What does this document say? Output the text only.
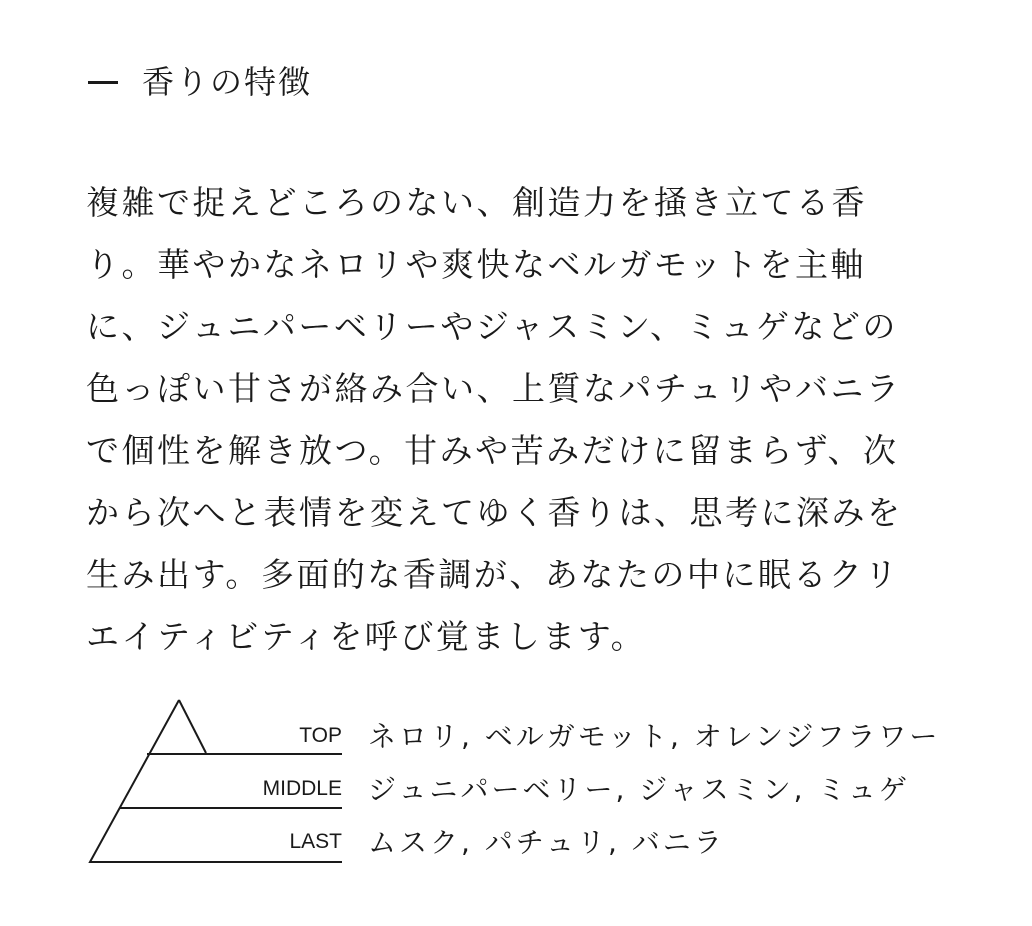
香りの特徴

複雑で捉えどころのない、創造力を掻き立てる香
り。華やかなネロリや爽快なベルガモットを主軸
に、ジュニパーベリーやジャスミン、ミュゲなどの
色っぽい甘さが絡み合い、上質なパチュリやバニラ
で個性を解き放つ。甘みや苦みだけに留まらず、次
から次へと表情を変えてゆく香りは、思考に深みを
生み出す。多面的な香調が、あなたの中に眠るクリ
エイティビティを呼び覚まします。

TOP ネロリ, ベルガモット, オレンジフラワー
MIDDLE ジュニパーベリー, ジャスミン, ミュゲ
LAST ムスク, パチュリ, バニラ
